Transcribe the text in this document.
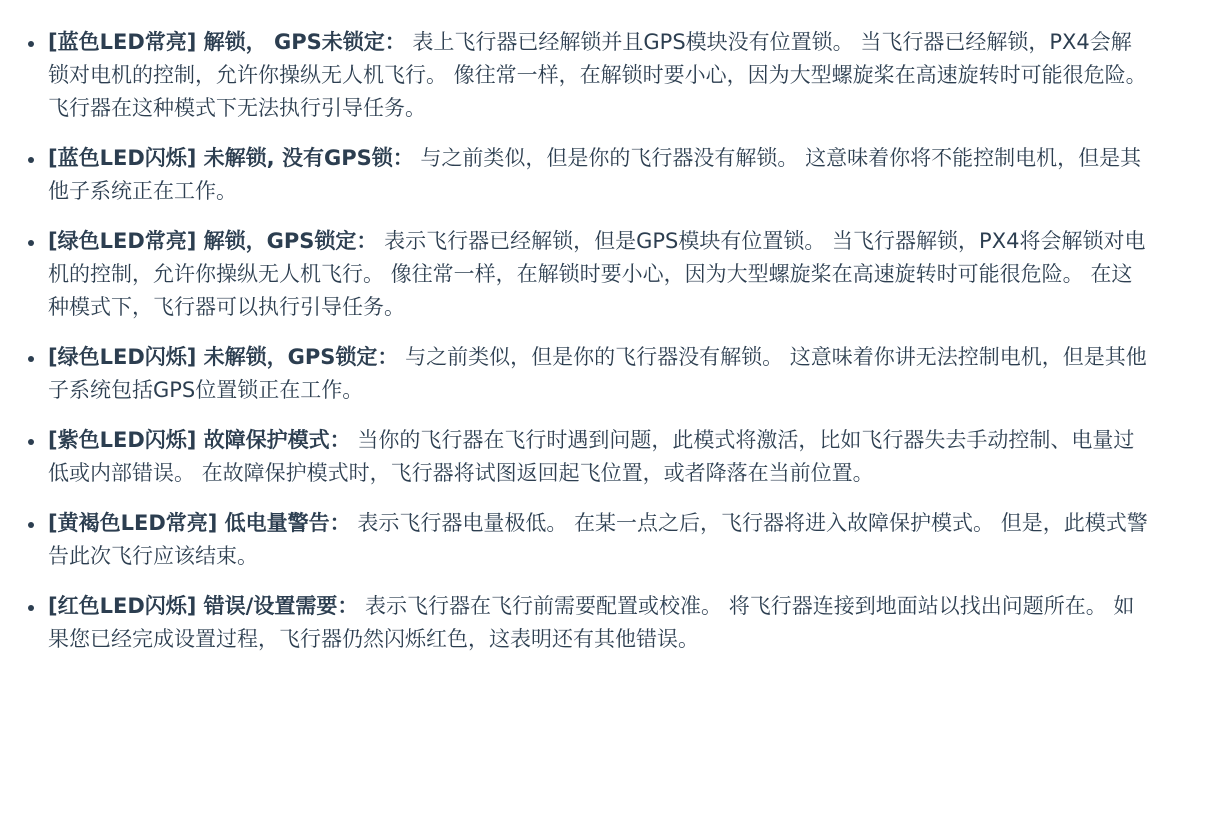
[蓝色LED常亮] 解锁， GPS未锁定： 表上飞行器已经解锁并且GPS模块没有位置锁。 当飞行器已经解锁，PX4会解锁对电机的控制，允许你操纵无人机飞行。 像往常一样，在解锁时要小心，因为大型螺旋桨在高速旋转时可能很危险。 飞行器在这种模式下无法执行引导任务。
[蓝色LED闪烁] 未解锁, 没有GPS锁： 与之前类似，但是你的飞行器没有解锁。 这意味着你将不能控制电机，但是其他子系统正在工作。
[绿色LED常亮] 解锁，GPS锁定： 表示飞行器已经解锁，但是GPS模块有位置锁。 当飞行器解锁，PX4将会解锁对电机的控制，允许你操纵无人机飞行。 像往常一样，在解锁时要小心，因为大型螺旋桨在高速旋转时可能很危险。 在这种模式下，飞行器可以执行引导任务。
[绿色LED闪烁] 未解锁，GPS锁定： 与之前类似，但是你的飞行器没有解锁。 这意味着你讲无法控制电机，但是其他子系统包括GPS位置锁正在工作。
[紫色LED闪烁] 故障保护模式： 当你的飞行器在飞行时遇到问题，此模式将激活，比如飞行器失去手动控制、电量过低或内部错误。 在故障保护模式时，飞行器将试图返回起飞位置，或者降落在当前位置。
[黄褐色LED常亮] 低电量警告： 表示飞行器电量极低。 在某一点之后，飞行器将进入故障保护模式。 但是，此模式警告此次飞行应该结束。
[红色LED闪烁] 错误/设置需要： 表示飞行器在飞行前需要配置或校准。 将飞行器连接到地面站以找出问题所在。 如果您已经完成设置过程，飞行器仍然闪烁红色，这表明还有其他错误。
